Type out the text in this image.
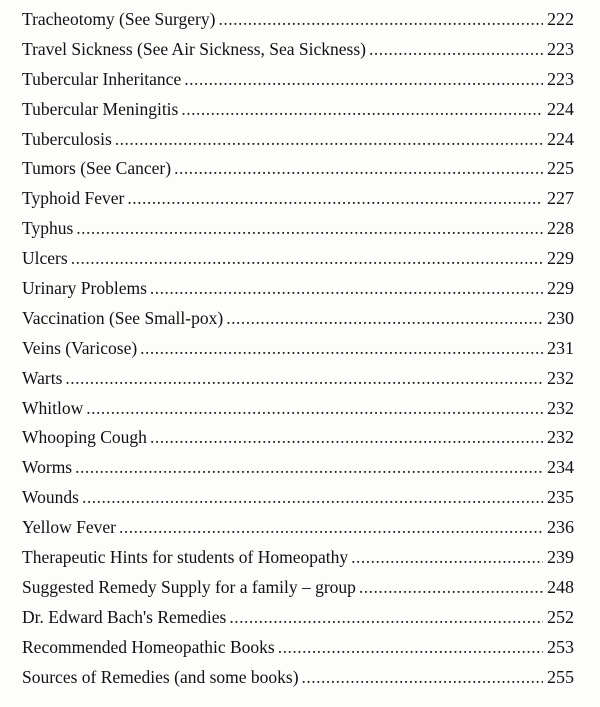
Tracheotomy (See Surgery) .....	222
Travel Sickness (See Air Sickness, Sea Sickness) .....	223
Tubercular Inheritance .....	223
Tubercular Meningitis .....	224
Tuberculosis .....	224
Tumors (See Cancer) .....	225
Typhoid Fever .....	227
Typhus .....	228
Ulcers .....	229
Urinary Problems .....	229
Vaccination (See Small-pox) .....	230
Veins (Varicose) .....	231
Warts .....	232
Whitlow .....	232
Whooping Cough .....	232
Worms .....	234
Wounds .....	235
Yellow Fever .....	236
Therapeutic Hints for students of Homeopathy .....	239
Suggested Remedy Supply for a family – group .....	248
Dr. Edward Bach's Remedies .....	252
Recommended Homeopathic Books .....	253
Sources of Remedies (and some books) .....	255
